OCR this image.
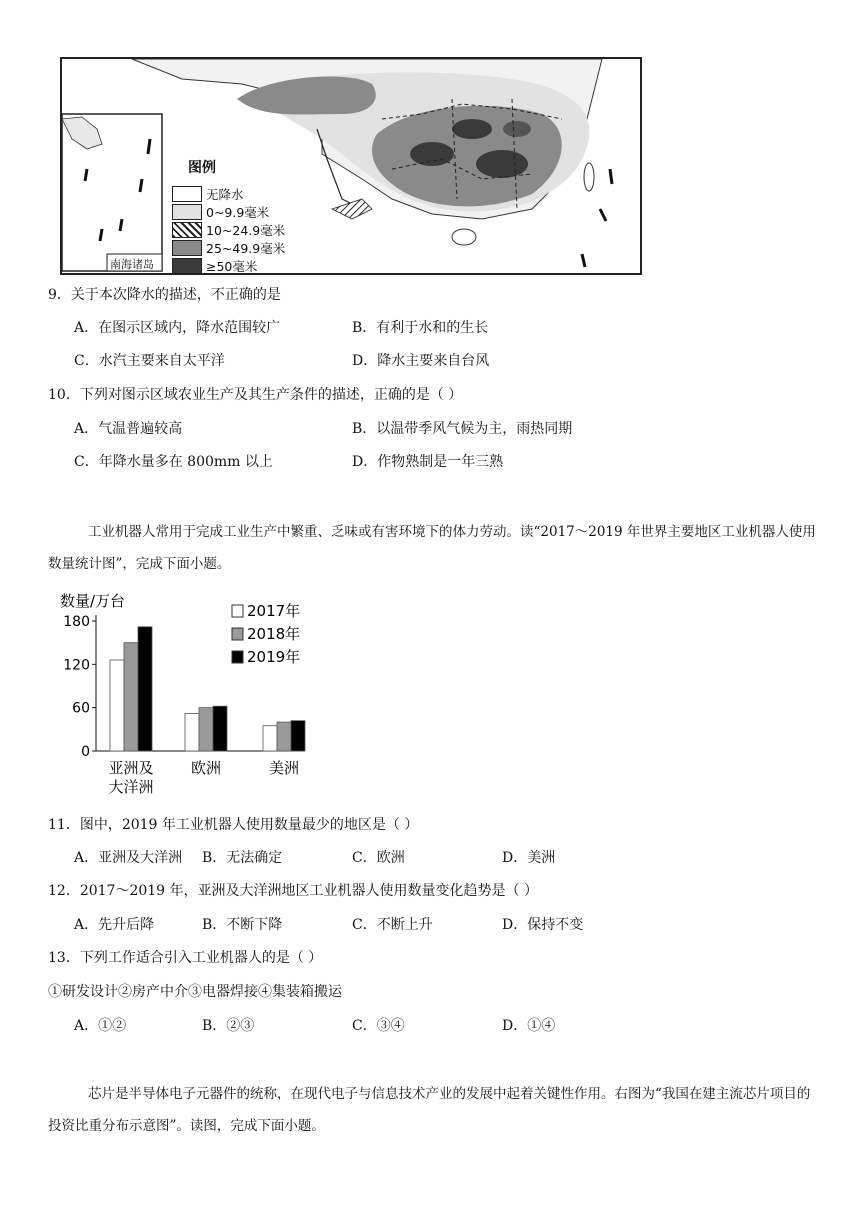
南海诸岛
图例
无降水
0~9.9毫米
10~24.9毫米
25~49.9毫米
≥50毫米
9．关于本次降水的描述，不正确的是
A．在图示区域内，降水范围较广	B．有利于水和的生长
C．水汽主要来自太平洋	D．降水主要来自台风
10．下列对图示区域农业生产及其生产条件的描述，正确的是（ ）
A．气温普遍较高	B．以温带季风气候为主，雨热同期
C．年降水量多在 800mm 以上	D．作物熟制是一年三熟
工业机器人常用于完成工业生产中繁重、乏味或有害环境下的体力劳动。读“2017～2019 年世界主要地区工业机器人使用数量统计图”，完成下面小题。
数量/万台
180
120
60
0
亚洲及
大洋洲
欧洲	美洲
2017年
2018年
2019年
11．图中，2019 年工业机器人使用数量最少的地区是（ ）
A．亚洲及大洋洲 B．无法确定	C．欧洲	D．美洲
12．2017～2019 年，亚洲及大洋洲地区工业机器人使用数量变化趋势是（ ）
A．先升后降	B．不断下降	C．不断上升	D．保持不变
13．下列工作适合引入工业机器人的是（ ）
①研发设计②房产中介③电器焊接④集装箱搬运
A．①②	B．②③	C．③④	D．①④
芯片是半导体电子元器件的统称，在现代电子与信息技术产业的发展中起着关键性作用。右图为“我国在建主流芯片项目的投资比重分布示意图”。读图，完成下面小题。
